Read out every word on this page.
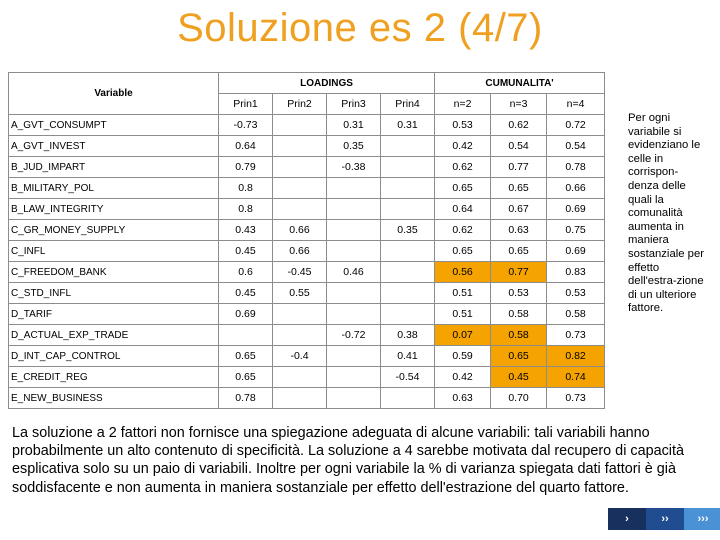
Soluzione es 2 (4/7)
Variable	LOADINGS				CUMUNALITA'		
	Prin1	Prin2	Prin3	Prin4	n=2	n=3	n=4
A_GVT_CONSUMPT	-0.73		0.31	0.31	0.53	0.62	0.72
A_GVT_INVEST	0.64		0.35		0.42	0.54	0.54
B_JUD_IMPART	0.79		-0.38		0.62	0.77	0.78
B_MILITARY_POL	0.8				0.65	0.65	0.66
B_LAW_INTEGRITY	0.8				0.64	0.67	0.69
C_GR_MONEY_SUPPLY	0.43	0.66		0.35	0.62	0.63	0.75
C_INFL	0.45	0.66			0.65	0.65	0.69
C_FREEDOM_BANK	0.6	-0.45	0.46		0.56	0.77	0.83
C_STD_INFL	0.45	0.55			0.51	0.53	0.53
D_TARIF	0.69				0.51	0.58	0.58
D_ACTUAL_EXP_TRADE			-0.72	0.38	0.07	0.58	0.73
D_INT_CAP_CONTROL	0.65	-0.4		0.41	0.59	0.65	0.82
E_CREDIT_REG	0.65			-0.54	0.42	0.45	0.74
E_NEW_BUSINESS	0.78				0.63	0.70	0.73
Per ogni variabile si evidenziano le celle in corrispon-denza delle quali la comunalità aumenta in maniera sostanziale per effetto dell'estra-zione di un ulteriore fattore.
La soluzione a 2 fattori non fornisce una spiegazione adeguata di alcune variabili: tali variabili hanno probabilmente un alto contenuto di specificità. La soluzione a 4 sarebbe motivata dal recupero di capacità esplicativa solo su un paio di variabili. Inoltre per ogni variabile la % di varianza spiegata dati fattori è già soddisfacente e non aumenta in maniera sostanziale per effetto dell'estrazione del quarto fattore.
›	››	›››
